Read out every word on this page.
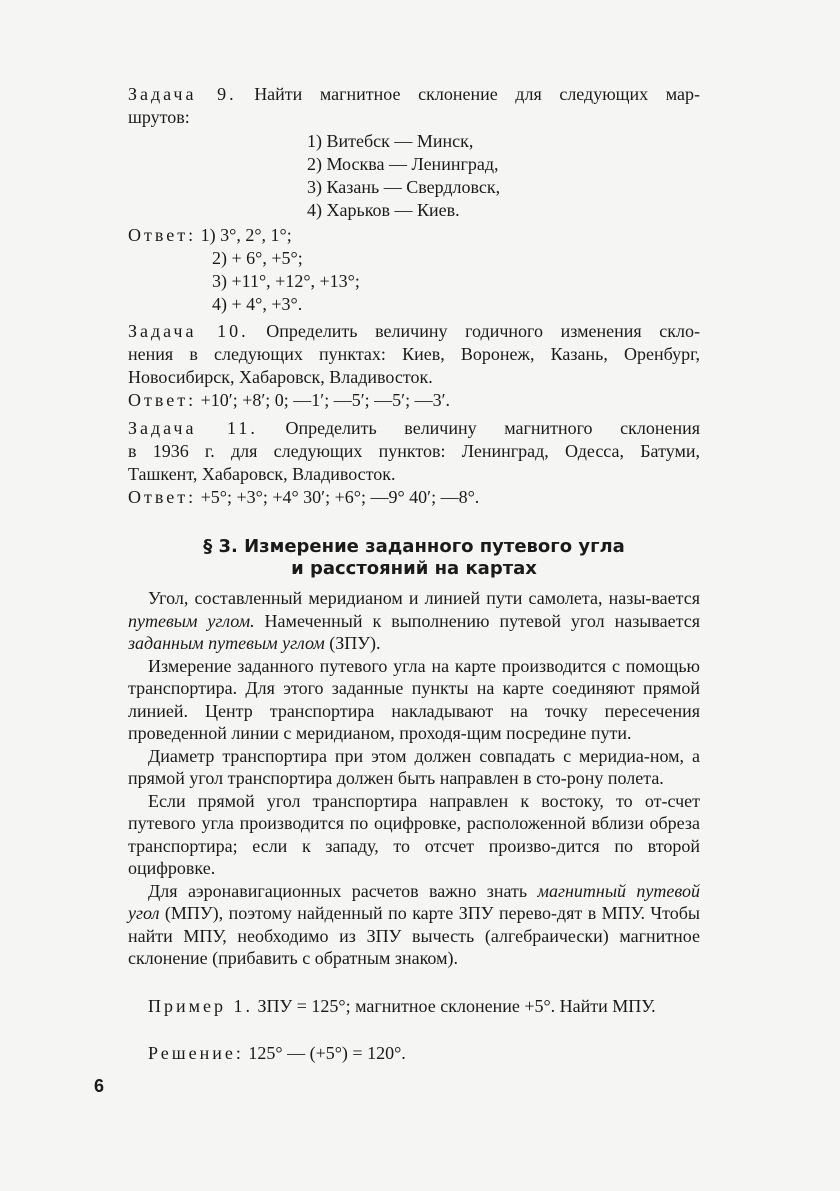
Задача 9. Найти магнитное склонение для следующих мар-
шрутов:
1) Витебск — Минск,
2) Москва — Ленинград,
3) Казань — Свердловск,
4) Харьков — Киев.
Ответ: 1) 3°, 2°, 1°;
2) + 6°, +5°;
3) +11°, +12°, +13°;
4) + 4°, +3°.
Задача 10. Определить величину годичного изменения скло-
нения в следующих пунктах: Киев, Воронеж, Казань, Оренбург,
Новосибирск, Хабаровск, Владивосток.
Ответ: +10′; +8′; 0; —1′; —5′; —5′; —3′.
Задача 11. Определить величину магнитного склонения
в 1936 г. для следующих пунктов: Ленинград, Одесса, Батуми,
Ташкент, Хабаровск, Владивосток.
Ответ: +5°; +3°; +4° 30′; +6°; —9° 40′; —8°.
§ 3. Измерение заданного путевого угла
и расстояний на картах

Угол, составленный меридианом и линией пути самолета, назы-вается путевым углом. Намеченный к выполнению путевой угол называется заданным путевым углом (ЗПУ).

Измерение заданного путевого угла на карте производится с помощью транспортира. Для этого заданные пункты на карте соединяют прямой линией. Центр транспортира накладывают на точку пересечения проведенной линии с меридианом, проходя-щим посредине пути.

Диаметр транспортира при этом должен совпадать с меридиа-ном, а прямой угол транспортира должен быть направлен в сто-рону полета.

Если прямой угол транспортира направлен к востоку, то от-счет путевого угла производится по оцифровке, расположенной вблизи обреза транспортира; если к западу, то отсчет произво-дится по второй оцифровке.

Для аэронавигационных расчетов важно знать магнитный путевой угол (МПУ), поэтому найденный по карте ЗПУ перево-дят в МПУ. Чтобы найти МПУ, необходимо из ЗПУ вычесть (алгебраически) магнитное склонение (прибавить с обратным знаком).

Пример 1. ЗПУ = 125°; магнитное склонение +5°. Найти МПУ.

Решение: 125° — (+5°) = 120°.

6
